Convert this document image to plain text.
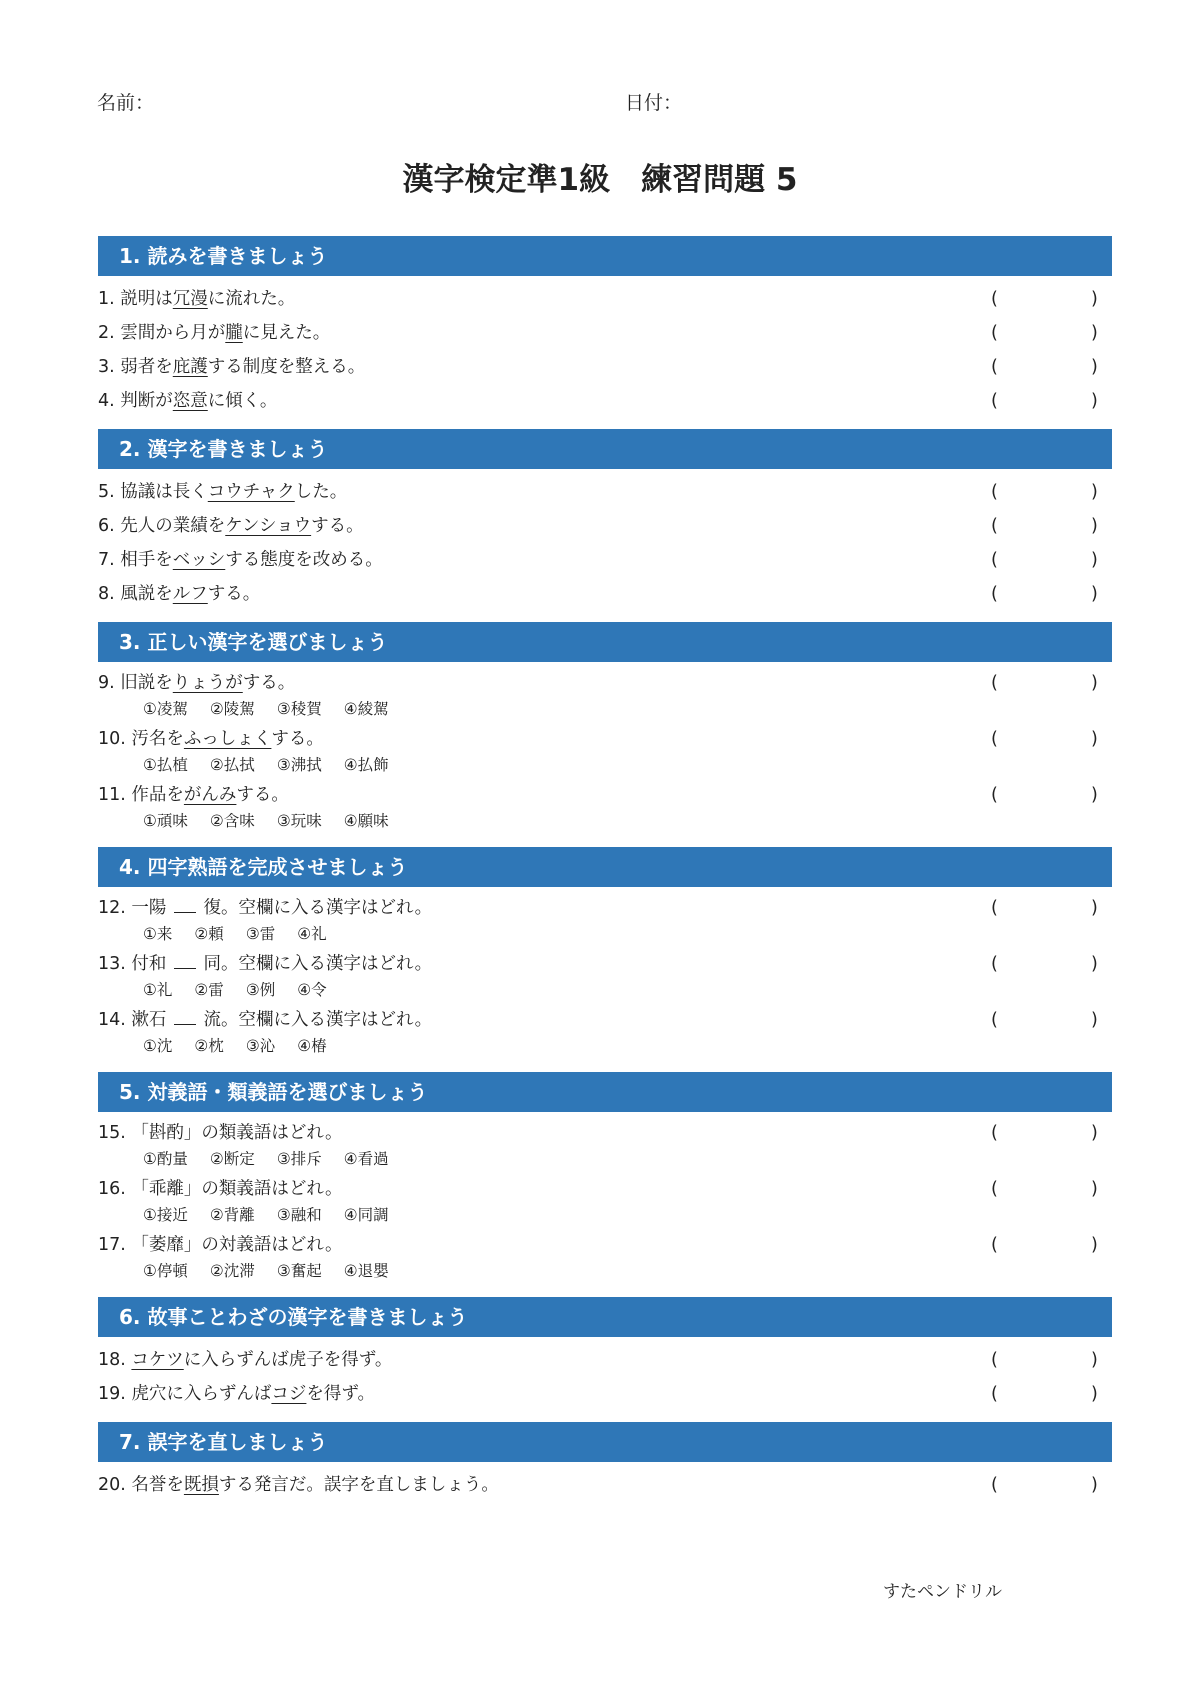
名前：	日付：
漢字検定準1級　練習問題 5
1. 読みを書きましょう
1. 説明は冗漫に流れた。	(	)
2. 雲間から月が朧に見えた。	(	)
3. 弱者を庇護する制度を整える。	(	)
4. 判断が恣意に傾く。	(	)
2. 漢字を書きましょう
5. 協議は長くコウチャクした。	(	)
6. 先人の業績をケンショウする。	(	)
7. 相手をベッシする態度を改める。	(	)
8. 風説をルフする。	(	)
3. 正しい漢字を選びましょう
9. 旧説をりょうがする。
①凌駕 ②陵駕 ③稜賀 ④綾駕
(	)
10. 汚名をふっしょくする。
①払植 ②払拭 ③沸拭 ④払飾
(	)
11. 作品をがんみする。
①頑味 ②含味 ③玩味 ④願味
(	)
4. 四字熟語を完成させましょう
12. 一陽  復。空欄に入る漢字はどれ。
①来 ②頼 ③雷 ④礼
(	)
13. 付和  同。空欄に入る漢字はどれ。
①礼 ②雷 ③例 ④令
(	)
14. 漱石  流。空欄に入る漢字はどれ。
①沈 ②枕 ③沁 ④椿
(	)
5. 対義語・類義語を選びましょう
15. 「斟酌」の類義語はどれ。
①酌量 ②断定 ③排斥 ④看過
(	)
16. 「乖離」の類義語はどれ。
①接近 ②背離 ③融和 ④同調
(	)
17. 「萎靡」の対義語はどれ。
①停頓 ②沈滞 ③奮起 ④退嬰
(	)
6. 故事ことわざの漢字を書きましょう
18. コケツに入らずんば虎子を得ず。	(	)
19. 虎穴に入らずんばコジを得ず。	(	)
7. 誤字を直しましょう
20. 名誉を既損する発言だ。誤字を直しましょう。	(	)
すたペンドリル
